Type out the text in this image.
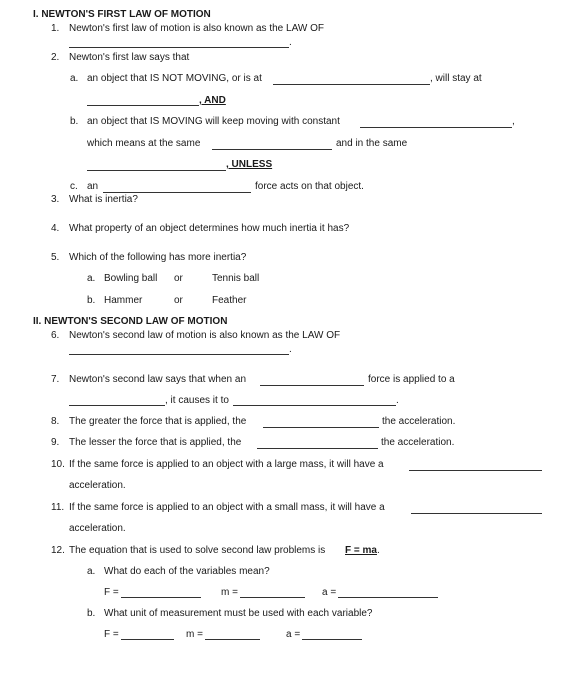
I. NEWTON'S FIRST LAW OF MOTION
1. Newton's first law of motion is also known as the LAW OF
.
2. Newton's first law says that
a. an object that IS NOT MOVING, or is at	, will stay at
, AND
b. an object that IS MOVING will keep moving with constant	,
which means at the same	and in the same
, UNLESS
c. an	force acts on that object.
3. What is inertia?
4. What property of an object determines how much inertia it has?
5. Which of the following has more inertia?
a. Bowling ball or	Tennis ball
b. Hammer	or	Feather
II. NEWTON'S SECOND LAW OF MOTION
6. Newton's second law of motion is also known as the LAW OF
.
7. Newton's second law says that when an	force is applied to a
, it causes it to	.
8. The greater the force that is applied, the	the acceleration.
9. The lesser the force that is applied, the	the acceleration.
10. If the same force is applied to an object with a large mass, it will have a
acceleration.
11. If the same force is applied to an object with a small mass, it will have a
acceleration.
12. The equation that is used to solve second law problems is F = ma .
a. What do each of the variables mean?
F =	m =	a =
b. What unit of measurement must be used with each variable?
F =	m =	a =
